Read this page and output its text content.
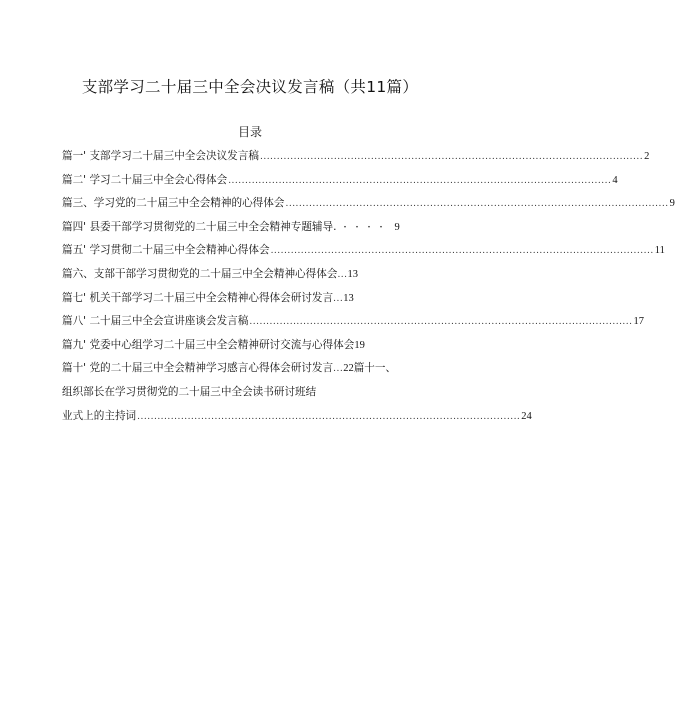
支部学习二十届三中全会决议发言稿（共11篇）
目录
篇一' 支部学习二十届三中全会决议发言稿 .................................................................................................................. 2
篇二' 学习二十届三中全会心得体会 .................................................................................................................. 4
篇三、学习党的二十届三中全会精神的心得体会 .................................................................................................................. 9
篇四' 县委干部学习贯彻党的二十届三中全会精神专题辅导. ・・・・ 9
篇五' 学习贯彻二十届三中全会精神心得体会 .................................................................................................................. 11
篇六、支部干部学习贯彻党的二十届三中全会精神心得体会 ... 13
篇七' 机关干部学习二十届三中全会精神心得体会研讨发言 ... 13
篇八' 二十届三中全会宣讲座谈会发言稿 .................................................................................................................. 17
篇九' 党委中心组学习二十届三中全会精神研讨交流与心得体会 19
篇十' 党的二十届三中全会精神学习感言心得体会研讨发言 ... 22 篇十一、
组织部长在学习贯彻党的二十届三中全会读书研讨班结
业式上的主持词 .................................................................................................................. 24
